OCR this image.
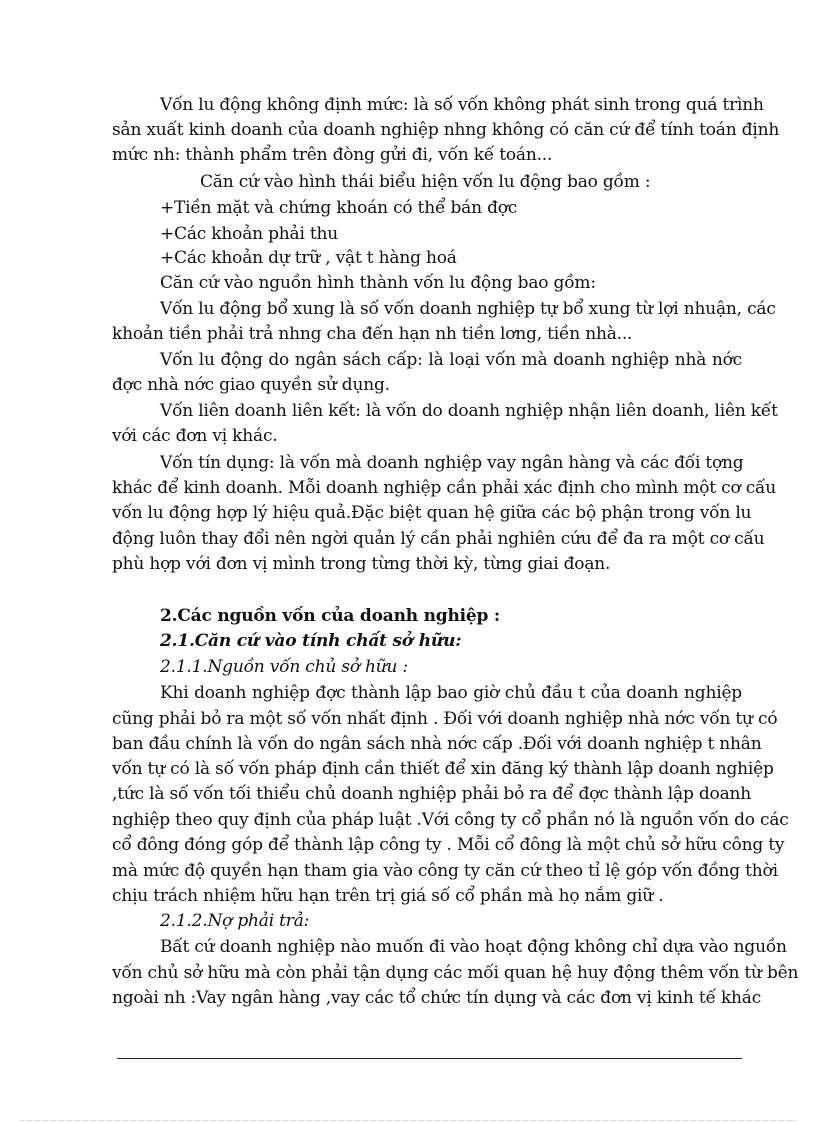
Vốn lu động không định mức: là số vốn không phát sinh trong quá trình
sản xuất kinh doanh của doanh nghiệp nhng không có căn cứ để tính toán định
mức nh: thành phẩm trên đòng gửi đi, vốn kế toán...
Căn cứ vào hình thái biểu hiện vốn lu động bao gồm :
+Tiền mặt và chứng khoán có thể bán đợc
+Các khoản phải thu
+Các khoản dự trữ , vật t hàng hoá
Căn cứ vào nguồn hình thành vốn lu động bao gồm:
Vốn lu động bổ xung là số vốn doanh nghiệp tự bổ xung từ lợi nhuận, các
khoản tiền phải trả nhng cha đến hạn nh tiền lơng, tiền nhà...
Vốn lu động do ngân sách cấp: là loại vốn mà doanh nghiệp nhà nớc
đợc nhà nớc giao quyền sử dụng.
Vốn liên doanh liên kết: là vốn do doanh nghiệp nhận liên doanh, liên kết
với các đơn vị khác.
Vốn tín dụng: là vốn mà doanh nghiệp vay ngân hàng và các đối tợng
khác để kinh doanh. Mỗi doanh nghiệp cần phải xác định cho mình một cơ cấu
vốn lu động hợp lý hiệu quả.Đặc biệt quan hệ giữa các bộ phận trong vốn lu
động luôn thay đổi nên ngời quản lý cần phải nghiên cứu để đa ra một cơ cấu
phù hợp với đơn vị mình trong từng thời kỳ, từng giai đoạn.
2.Các nguồn vốn của doanh nghiệp :
2.1.Căn cứ vào tính chất sở hữu:
2.1.1.Nguồn vốn chủ sở hữu :
Khi doanh nghiệp đợc thành lập bao giờ chủ đầu t của doanh nghiệp
cũng phải bỏ ra một số vốn nhất định . Đối với doanh nghiệp nhà nớc vốn tự có
ban đầu chính là vốn do ngân sách nhà nớc cấp .Đối với doanh nghiệp t nhân
vốn tự có là số vốn pháp định cần thiết để xin đăng ký thành lập doanh nghiệp
,tức là số vốn tối thiểu chủ doanh nghiệp phải bỏ ra để đợc thành lập doanh
nghiệp theo quy định của pháp luật .Với công ty cổ phần nó là nguồn vốn do các
cổ đông đóng góp để thành lập công ty . Mỗi cổ đông là một chủ sở hữu công ty
mà mức độ quyền hạn tham gia vào công ty căn cứ theo tỉ lệ góp vốn đồng thời
chịu trách nhiệm hữu hạn trên trị giá số cổ phần mà họ nắm giữ .
2.1.2.Nợ phải trả:
Bất cứ doanh nghiệp nào muốn đi vào hoạt động không chỉ dựa vào nguồn
vốn chủ sở hữu mà còn phải tận dụng các mối quan hệ huy động thêm vốn từ bên
ngoài nh :Vay ngân hàng ,vay các tổ chức tín dụng và các đơn vị kinh tế khác
